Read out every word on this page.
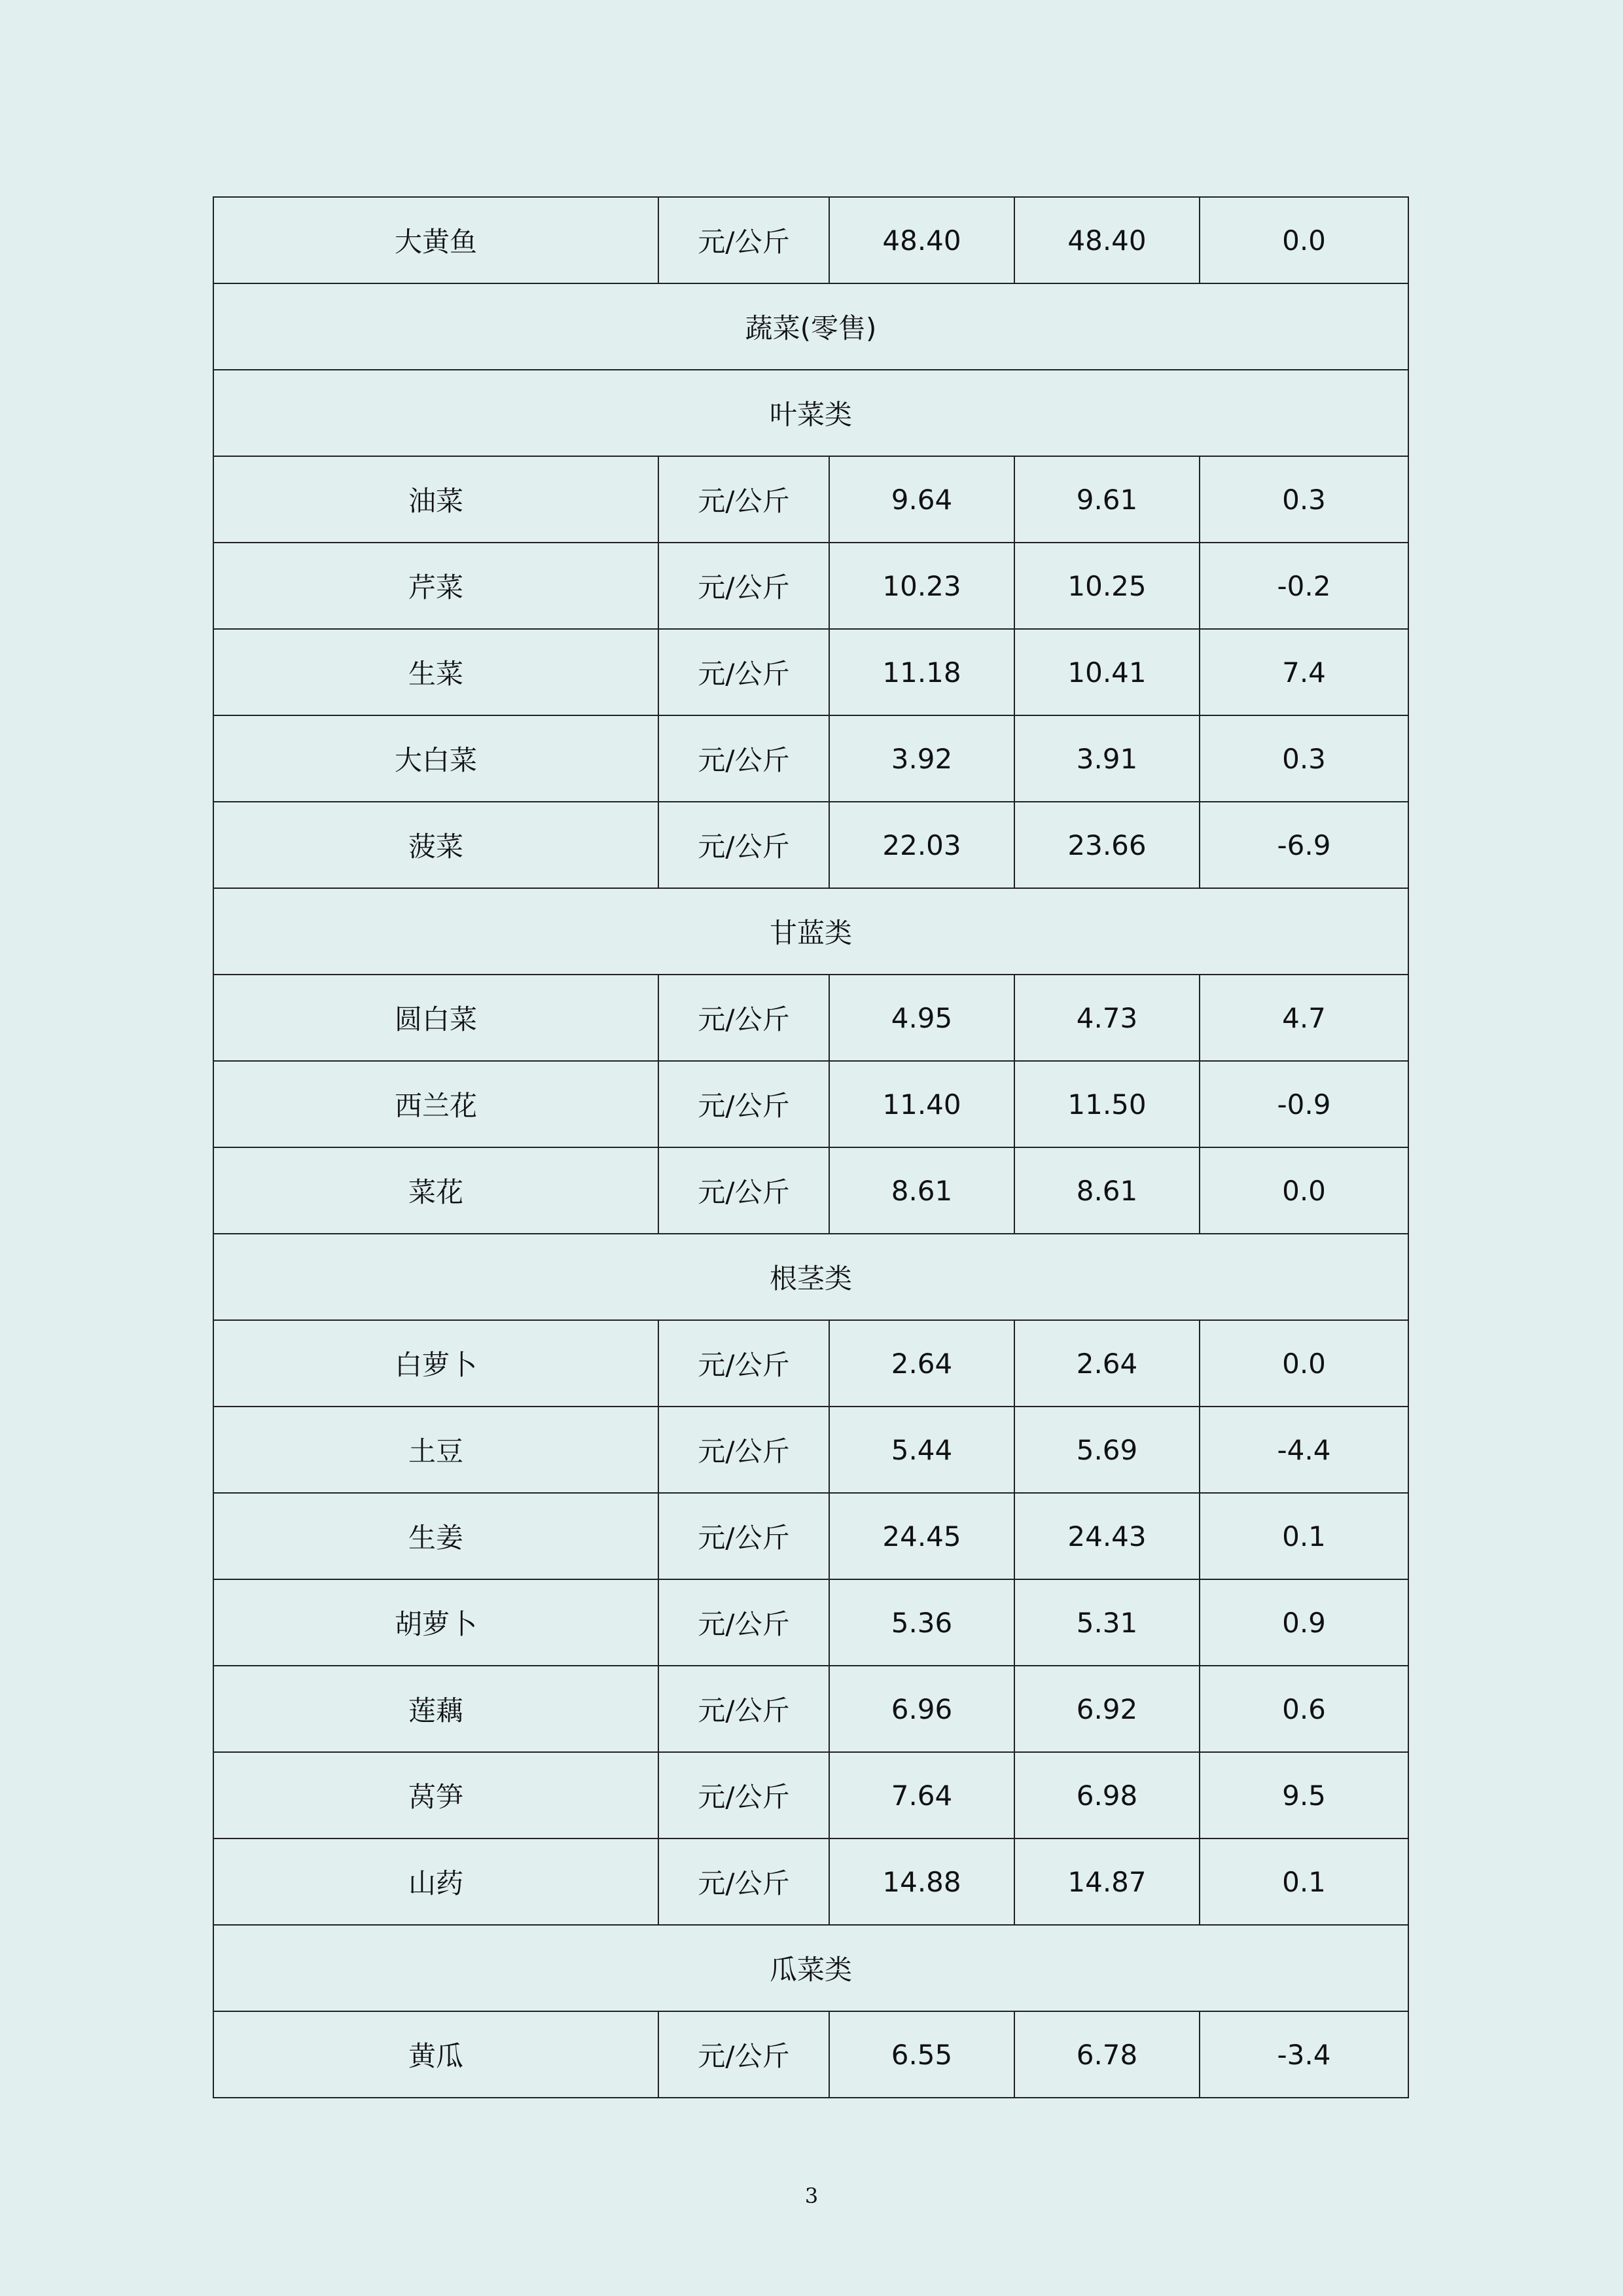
大黄鱼	元/公斤	48.40	48.40	0.0
蔬菜(零售)				
叶菜类				
油菜	元/公斤	9.64	9.61	0.3
芹菜	元/公斤	10.23	10.25	-0.2
生菜	元/公斤	11.18	10.41	7.4
大白菜	元/公斤	3.92	3.91	0.3
菠菜	元/公斤	22.03	23.66	-6.9
甘蓝类				
圆白菜	元/公斤	4.95	4.73	4.7
西兰花	元/公斤	11.40	11.50	-0.9
菜花	元/公斤	8.61	8.61	0.0
根茎类				
白萝卜	元/公斤	2.64	2.64	0.0
土豆	元/公斤	5.44	5.69	-4.4
生姜	元/公斤	24.45	24.43	0.1
胡萝卜	元/公斤	5.36	5.31	0.9
莲藕	元/公斤	6.96	6.92	0.6
莴笋	元/公斤	7.64	6.98	9.5
山药	元/公斤	14.88	14.87	0.1
瓜菜类				
黄瓜	元/公斤	6.55	6.78	-3.4
3
